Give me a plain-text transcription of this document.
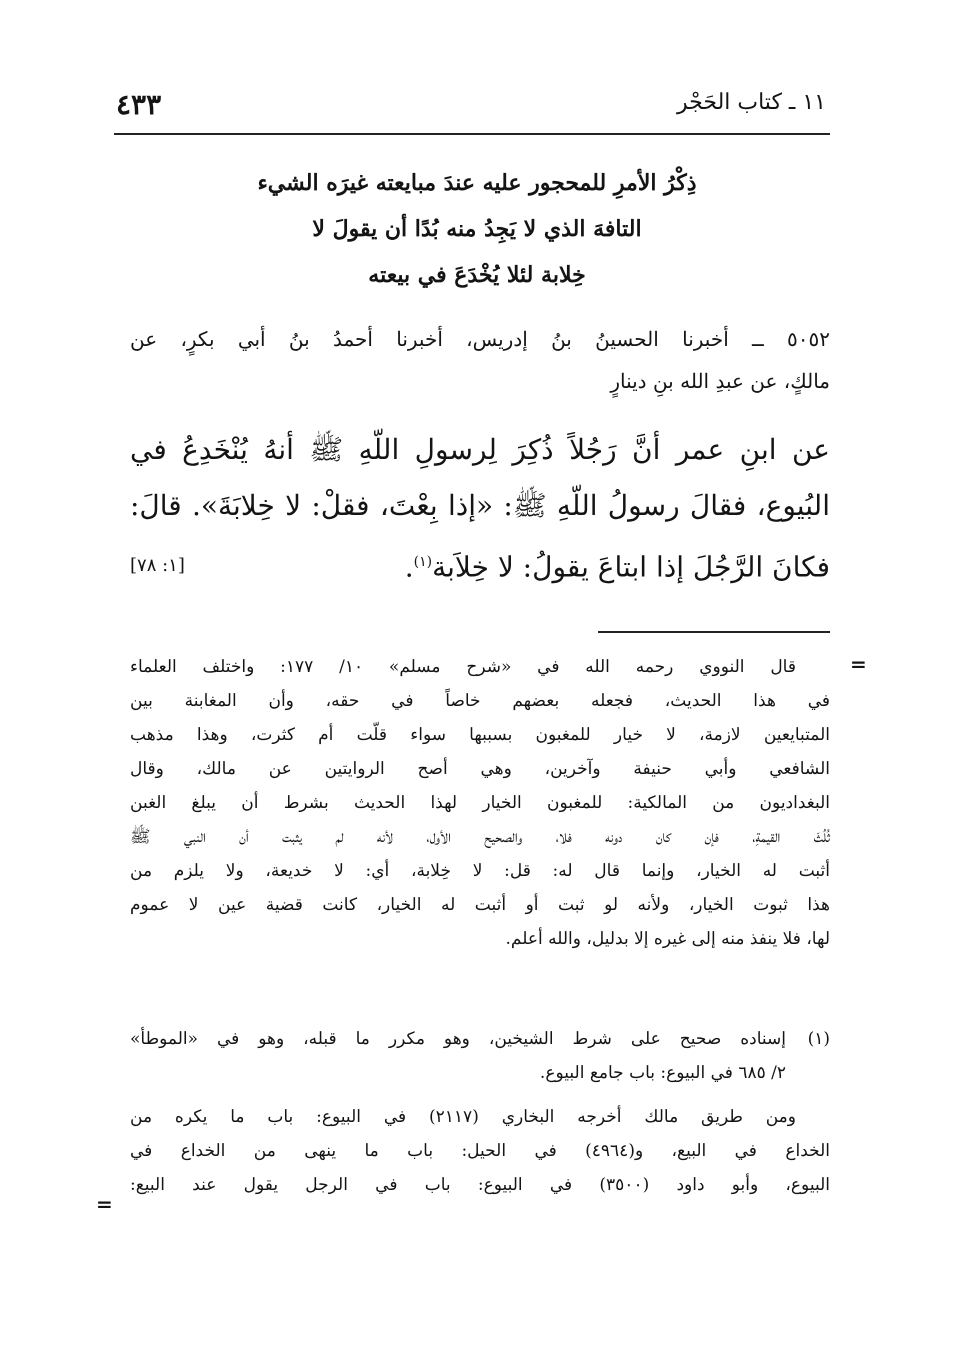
٤٣٣	١١ ـ كتاب الحَجْر
ذِكْرُ الأمرِ للمحجور عليه عندَ مبايعته غيرَه الشيء
التافهَ الذي لا يَجِدُ منه بُدًا أن يقولَ لا
خِلابة لئلا يُخْدَعَ في بيعته
٥٠٥٢ ــ أخبرنا الحسينُ بنُ إدريس، أخبرنا أحمدُ بنُ أبي بكرٍ، عن
مالكٍ، عن عبدِ الله بنِ دينارٍ
عن ابنِ عمر أنَّ رَجُلاً ذُكِرَ لِرسولِ اللّهِ ﷺ أنهُ يُنْخَدِعُ في
البُيوع، فقالَ رسولُ اللّهِ ﷺ: «إذا بِعْتَ، فقلْ: لا خِلابَةَ». قالَ:
فكانَ الرَّجُلَ إذا ابتاعَ يقولُ: لا خِلاَبة$^{(١)}$.
[١: ٧٨]
=
قال النووي رحمه الله في «شرح مسلم» ١٠/ ١٧٧: واختلف العلماء
في هذا الحديث، فجعله بعضهم خاصاً في حقه، وأن المغابنة بين
المتبايعين لازمة، لا خيار للمغبون بسببها سواء قلّت أم كثرت، وهذا مذهب
الشافعي وأبي حنيفة وآخرين، وهي أصح الروايتين عن مالك، وقال
البغداديون من المالكية: للمغبون الخيار لهذا الحديث بشرط أن يبلغ الغبن
ثُلُثَ القيمةِ، فإن كان دونه فلا، والصحيح الأول، لأنه لم يثبت أن النبي ﷺ
أثبت له الخيار، وإنما قال له: قل: لا خِلابة، أي: لا خديعة، ولا يلزم من
هذا ثبوت الخيار، ولأنه لو ثبت أو أثبت له الخيار، كانت قضية عين لا عموم
لها، فلا ينفذ منه إلى غيره إلا بدليل، والله أعلم.
(١)
إسناده صحيح على شرط الشيخين، وهو مكرر ما قبله، وهو في «الموطأ»
٢/ ٦٨٥ في البيوع: باب جامع البيوع.
ومن طريق مالك أخرجه البخاري (٢١١٧) في البيوع: باب ما يكره من
الخداع في البيع، و(٤٩٦٤) في الحيل: باب ما ينهى من الخداع في
البيوع، وأبو داود (٣٥٠٠) في البيوع: باب في الرجل يقول عند البيع:
=
